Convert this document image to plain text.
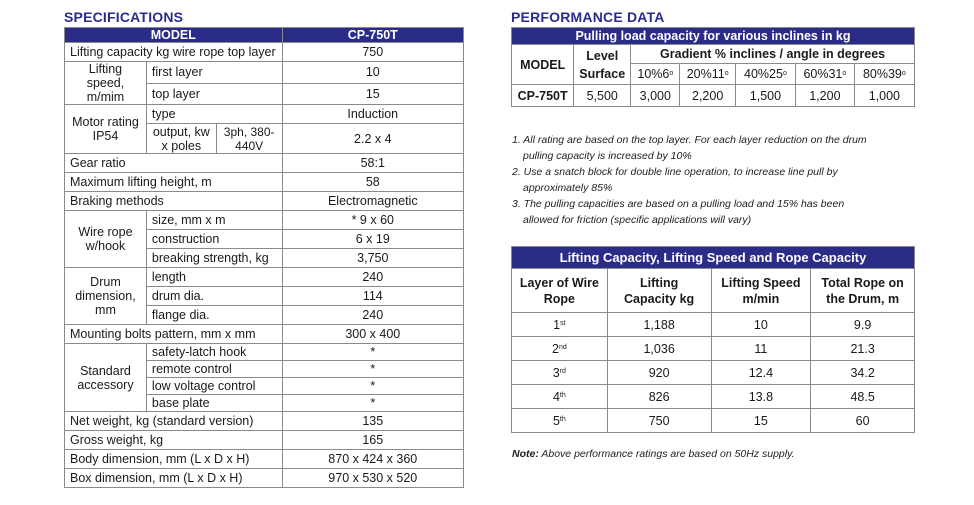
SPECIFICATIONS
MODEL			CP-750T
Lifting capacity kg wire rope top layer			750
Lifting speed, m/mim	first layer		10
	top layer		15
Motor rating IP54	type		Induction
	output, kw x poles	3ph, 380-440V	2.2 x 4
Gear ratio			58:1
Maximum lifting height, m			58
Braking methods			Electromagnetic
Wire rope w/hook	size, mm x m		* 9 x 60
	construction		6 x 19
	breaking strength, kg		3,750
Drum dimension, mm	length		240
	drum dia.		114
	flange dia.		240
Mounting bolts pattern, mm x mm			300 x 400
Standard accessory	safety-latch hook		*
	remote control		*
	low voltage control		*
	base plate		*
Net weight, kg (standard version)			135
Gross weight, kg			165
Body dimension, mm (L x D x H)			870 x 424 x 360
Box dimension, mm (L x D x H)			970 x 530 x 520
PERFORMANCE DATA
Pulling load capacity for various inclines in kg						
MODEL	Level Surface	Gradient % inclines / angle in degrees				
		10%6$^o$	20%11$^o$	40%25$^o$	60%31$^o$	80%39$^o$
CP-750T	5,500	3,000	2,200	1,500	1,200	1,000
1. All rating are based on the top layer. For each layer reduction on the drum
pulling capacity is increased by 10%
2. Use a snatch block for double line operation, to increase line pull by
approximately 85%
3. The pulling capacities are based on a pulling load and 15% has been
allowed for friction (specific applications will vary)
Lifting Capacity, Lifting Speed and Rope Capacity			
Layer of Wire Rope	Lifting Capacity kg	Lifting Speed m/min	Total Rope on the Drum, m
1st	1,188	10	9.9
2nd	1,036	11	21.3
3rd	920	12.4	34.2
4th	826	13.8	48.5
5th	750	15	60
Note: Above performance ratings are based on 50Hz supply.
